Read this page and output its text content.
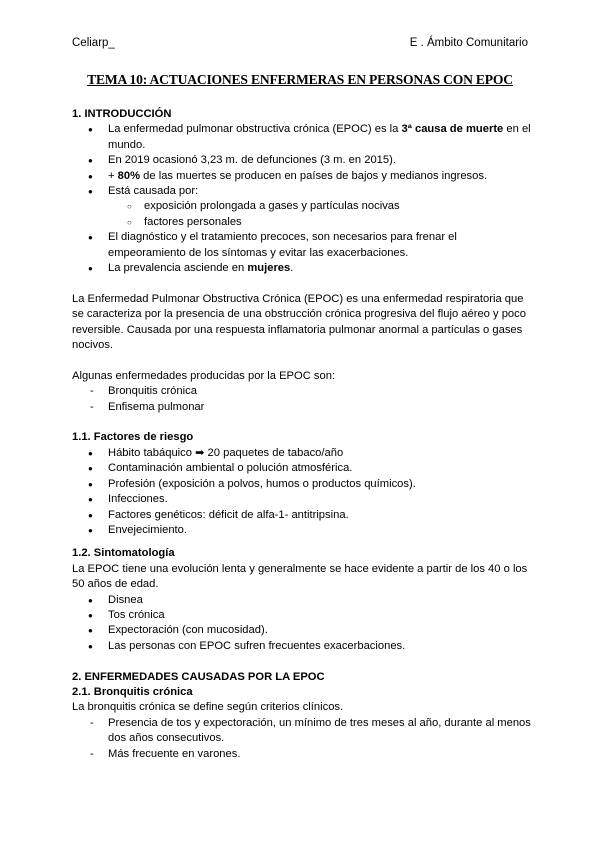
Celiarp_	E . Ámbito Comunitario
TEMA 10: ACTUACIONES ENFERMERAS EN PERSONAS CON EPOC

1. INTRODUCCIÓN

● La enfermedad pulmonar obstructiva crónica (EPOC) es la 3ª causa de muerte en el mundo.
● En 2019 ocasionó 3,23 m. de defunciones (3 m. en 2015).
● + 80% de las muertes se producen en países de bajos y medianos ingresos.
● Está causada por:
○ exposición prolongada a gases y partículas nocivas
○ factores personales
● El diagnóstico y el tratamiento precoces, son necesarios para frenar el empeoramiento de los síntomas y evitar las exacerbaciones.
● La prevalencia asciende en mujeres.

La Enfermedad Pulmonar Obstructiva Crónica (EPOC) es una enfermedad respiratoria que se caracteriza por la presencia de una obstrucción crónica progresiva del flujo aéreo y poco reversible. Causada por una respuesta inflamatoria pulmonar anormal a partículas o gases nocivos.

Algunas enfermedades producidas por la EPOC son:

- Bronquitis crónica
- Enfisema pulmonar

1.1. Factores de riesgo

● Hábito tabáquico ➡ 20 paquetes de tabaco/año
● Contaminación ambiental o polución atmosférica.
● Profesión (exposición a polvos, humos o productos químicos).
● Infecciones.
● Factores genéticos: déficit de alfa-1- antitripsina.
● Envejecimiento.

1.2. Sintomatología

La EPOC tiene una evolución lenta y generalmente se hace evidente a partir de los 40 o los 50 años de edad.

● Disnea
● Tos crónica
● Expectoración (con mucosidad).
● Las personas con EPOC sufren frecuentes exacerbaciones.

2. ENFERMEDADES CAUSADAS POR LA EPOC

2.1. Bronquitis crónica

La bronquitis crónica se define según criterios clínicos.

- Presencia de tos y expectoración, un mínimo de tres meses al año, durante al menos dos años consecutivos.
- Más frecuente en varones.
